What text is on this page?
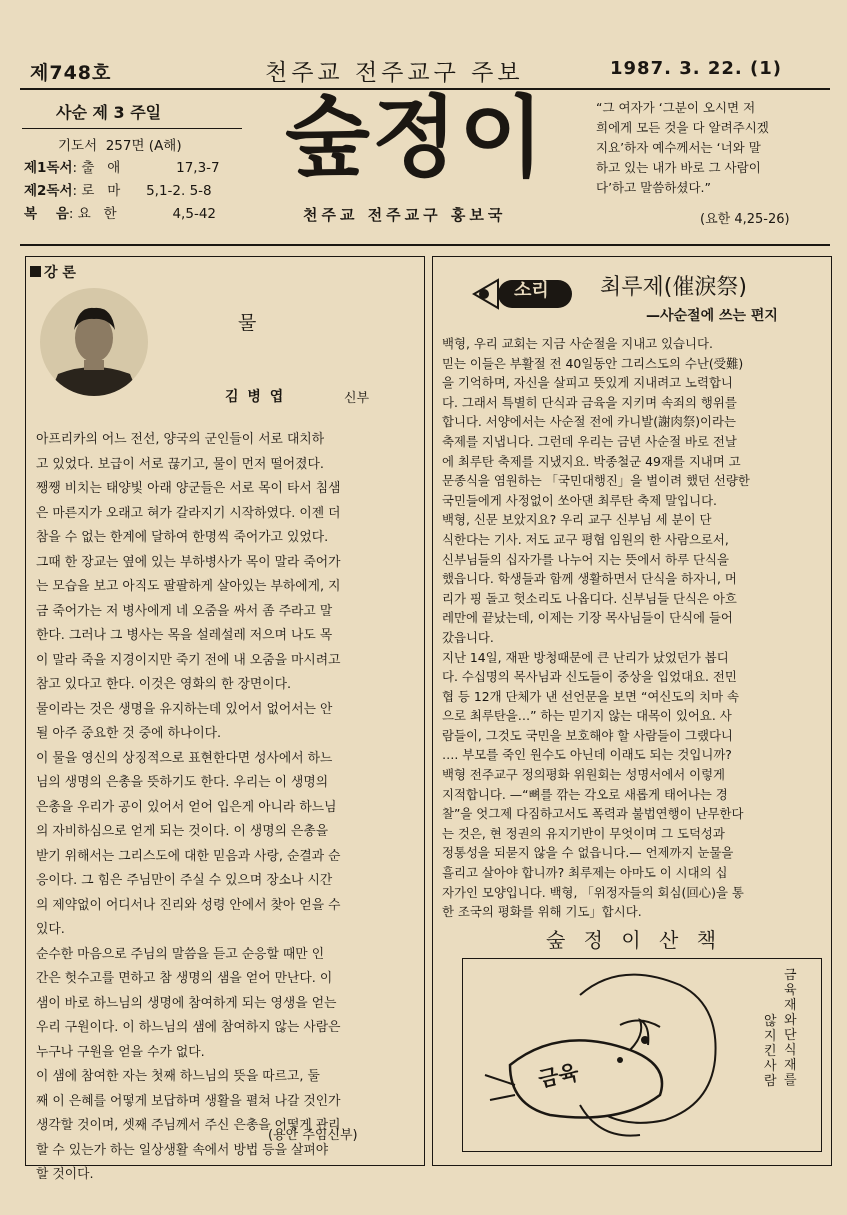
제748호	천주교 전주교구 주보	1987. 3. 22. (1)
사순 제 3 주일
기도서  257면 (A해)
제1독서: 출   애             17,3-7
제2독서: 로   마      5,1-2. 5-8
복    음: 요   한             4,5-42
숲정이
천주교 전주교구 홍보국
“그 여자가 ‘그분이 오시면 저
희에게 모든 것을 다 알려주시겠
지요’하자 예수께서는 ‘너와 말
하고 있는 내가 바로 그 사람이
다’하고 말씀하셨다.”
(요한 4,25-26)
강 론
물
김 병 엽	신부
아프리카의 어느 전선, 양국의 군인들이 서로 대치하
고 있었다. 보급이 서로 끊기고, 물이 먼저 떨어졌다.
쨍쨍 비치는 태양빛 아래 양군들은 서로 목이 타서 침샘
은 마른지가 오래고 혀가 갈라지기 시작하였다. 이젠 더
참을 수 없는 한계에 달하여 한명씩 죽어가고 있었다.
그때 한 장교는 옆에 있는 부하병사가 목이 말라 죽어가
는 모습을 보고 아직도 팔팔하게 살아있는 부하에게, 지
금 죽어가는 저 병사에게 네 오줌을 싸서 좀 주라고 말
한다. 그러나 그 병사는 목을 설레설레 저으며 나도 목
이 말라 죽을 지경이지만 죽기 전에 내 오줌을 마시려고
참고 있다고 한다. 이것은 영화의 한 장면이다.
물이라는 것은 생명을 유지하는데 있어서 없어서는 안
될 아주 중요한 것 중에 하나이다.
이 물을 영신의 상징적으로 표현한다면 성사에서 하느
님의 생명의 은총을 뜻하기도 한다. 우리는 이 생명의
은총을 우리가 공이 있어서 얻어 입은게 아니라 하느님
의 자비하심으로 얻게 되는 것이다. 이 생명의 은총을
받기 위해서는 그리스도에 대한 믿음과 사랑, 순결과 순
응이다. 그 힘은 주님만이 주실 수 있으며 장소나 시간
의 제약없이 어디서나 진리와 성령 안에서 찾아 얻을 수
있다.
순수한 마음으로 주님의 말씀을 듣고 순응할 때만 인
간은 헛수고를 면하고 참 생명의 샘을 얻어 만난다. 이
샘이 바로 하느님의 생명에 참여하게 되는 영생을 얻는
우리 구원이다. 이 하느님의 샘에 참여하지 않는 사람은
누구나 구원을 얻을 수가 없다.
이 샘에 참여한 자는 첫째 하느님의 뜻을 따르고, 둘
째 이 은혜를 어떻게 보답하며 생활을 펼쳐 나갈 것인가
생각할 것이며, 셋째 주님께서 주신 은총을 어떻게 관리
할 수 있는가 하는 일상생활 속에서 방법 등을 살펴야
할 것이다.
(용안 주임신부)
소리 최루제(催淚祭)
—사순절에 쓰는 편지
백형, 우리 교회는 지금 사순절을 지내고 있습니다.
믿는 이들은 부활절 전 40일동안 그리스도의 수난(受難)
을 기억하며, 자신을 살피고 뜻있게 지내려고 노력합니
다. 그래서 특별히 단식과 금육을 지키며 속죄의 행위를
합니다. 서양에서는 사순절 전에 카니발(謝肉祭)이라는
축제를 지냅니다. 그런데 우리는 금년 사순절 바로 전날
에 최루탄 축제를 지냈지요. 박종철군 49재를 지내며 고
문종식을 염원하는 「국민대행진」을 벌이려 했던 선량한
국민들에게 사정없이 쏘아댄 최루탄 축제 말입니다.
백형, 신문 보았지요? 우리 교구 신부님 세 분이 단
식한다는 기사. 저도 교구 평협 임원의 한 사람으로서,
신부님들의 십자가를 나누어 지는 뜻에서 하루 단식을
했읍니다. 학생들과 함께 생활하면서 단식을 하자니, 머
리가 핑 돌고 헛소리도 나옵디다. 신부님들 단식은 아흐
레만에 끝났는데, 이제는 기장 목사님들이 단식에 들어
갔읍니다.
지난 14일, 재판 방청때문에 큰 난리가 났었던가 봅디
다. 수십명의 목사님과 신도들이 중상을 입었대요. 전민
협 등 12개 단체가 낸 선언문을 보면 “여신도의 치마 속
으로 최루탄을…” 하는 믿기지 않는 대목이 있어요. 사
람들이, 그것도 국민을 보호해야 할 사람들이 그랬다니
…. 부모를 죽인 원수도 아닌데 이래도 되는 것입니까?
백형 전주교구 정의평화 위원회는 성명서에서 이렇게
지적합니다. —“뼈를 깎는 각오로 새롭게 태어나는 경
찰”을 엇그제 다짐하고서도 폭력과 불법연행이 난무한다
는 것은, 현 정권의 유지기반이 무엇이며 그 도덕성과
정통성을 되묻지 않을 수 없읍니다.— 언제까지 눈물을
흘리고 살아야 합니까? 최루제는 아마도 이 시대의 십
자가인 모양입니다. 백형, 「위정자들의 회심(回心)을 통
한 조국의 평화를 위해 기도」합시다.
숲 정 이 산 책
금육
금육재와 단식재를
않지킨 사람
